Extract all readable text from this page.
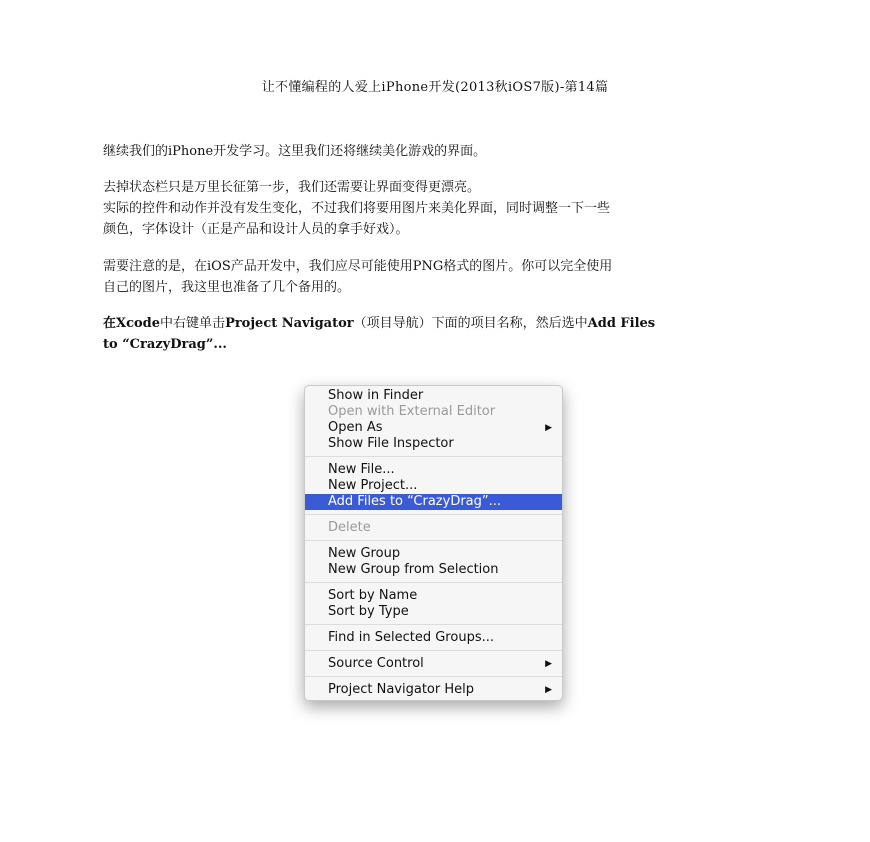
让不懂编程的人爱上iPhone开发(2013秋iOS7版)-第14篇

继续我们的iPhone开发学习。这里我们还将继续美化游戏的界面。

去掉状态栏只是万里长征第一步，我们还需要让界面变得更漂亮。
实际的控件和动作并没有发生变化，不过我们将要用图片来美化界面，同时调整一下一些
颜色，字体设计（正是产品和设计人员的拿手好戏）。

需要注意的是，在iOS产品开发中，我们应尽可能使用PNG格式的图片。你可以完全使用
自己的图片，我这里也准备了几个备用的。

在Xcode中右键单击Project Navigator（项目导航）下面的项目名称，然后选中Add Files
to “CrazyDrag”...

Show in Finder
Open with External Editor
Open As	▶
Show File Inspector
New File...
New Project...
Add Files to “CrazyDrag”...
Delete
New Group
New Group from Selection
Sort by Name
Sort by Type
Find in Selected Groups...
Source Control	▶
Project Navigator Help	▶
